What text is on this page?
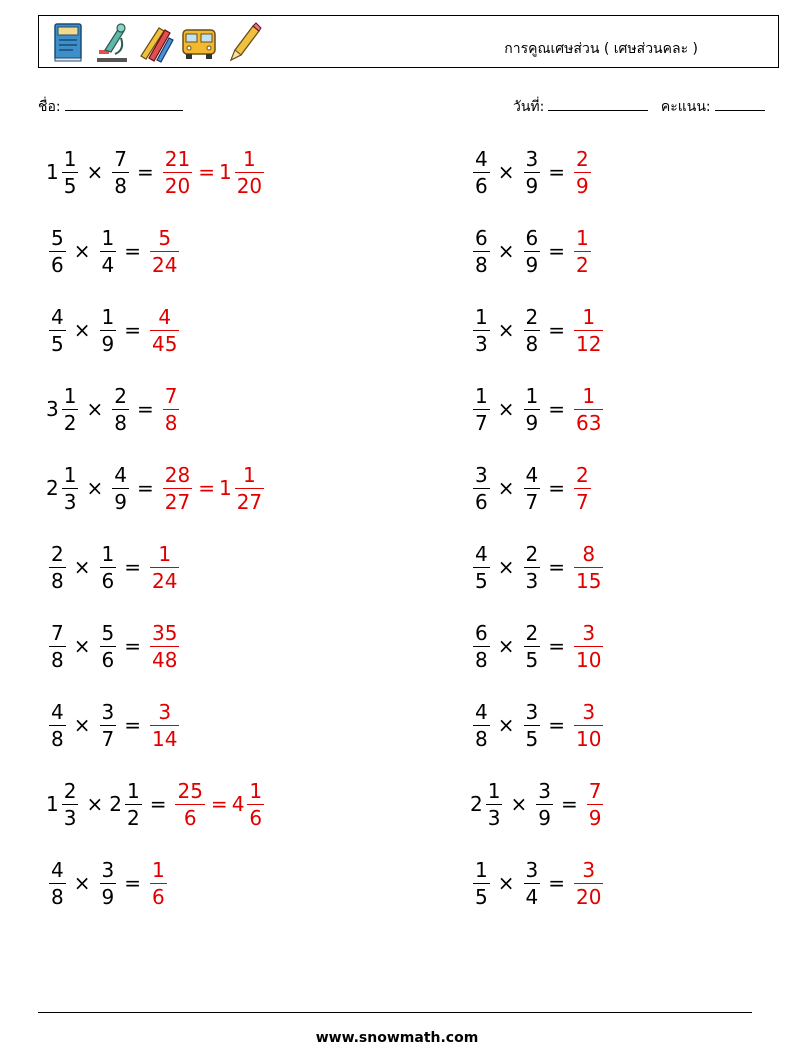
การคูณเศษส่วน ( เศษส่วนคละ )
ชื่อ:	วันที่:	คะแนน:
$1 \frac{1}{5} \times \frac{7}{8} = \frac{21}{20} = 1 \frac{1}{20}$	$\frac{4}{6} \times \frac{3}{9} = \frac{2}{9}$
$\frac{5}{6} \times \frac{1}{4} = \frac{5}{24}$	$\frac{6}{8} \times \frac{6}{9} = \frac{1}{2}$
$\frac{4}{5} \times \frac{1}{9} = \frac{4}{45}$	$\frac{1}{3} \times \frac{2}{8} = \frac{1}{12}$
$3 \frac{1}{2} \times \frac{2}{8} = \frac{7}{8}$	$\frac{1}{7} \times \frac{1}{9} = \frac{1}{63}$
$2 \frac{1}{3} \times \frac{4}{9} = \frac{28}{27} = 1 \frac{1}{27}$	$\frac{3}{6} \times \frac{4}{7} = \frac{2}{7}$
$\frac{2}{8} \times \frac{1}{6} = \frac{1}{24}$	$\frac{4}{5} \times \frac{2}{3} = \frac{8}{15}$
$\frac{7}{8} \times \frac{5}{6} = \frac{35}{48}$	$\frac{6}{8} \times \frac{2}{5} = \frac{3}{10}$
$\frac{4}{8} \times \frac{3}{7} = \frac{3}{14}$	$\frac{4}{8} \times \frac{3}{5} = \frac{3}{10}$
$1 \frac{2}{3} \times 2 \frac{1}{2} = \frac{25}{6} = 4 \frac{1}{6}$	$2 \frac{1}{3} \times \frac{3}{9} = \frac{7}{9}$
$\frac{4}{8} \times \frac{3}{9} = \frac{1}{6}$	$\frac{1}{5} \times \frac{3}{4} = \frac{3}{20}$
www.snowmath.com
